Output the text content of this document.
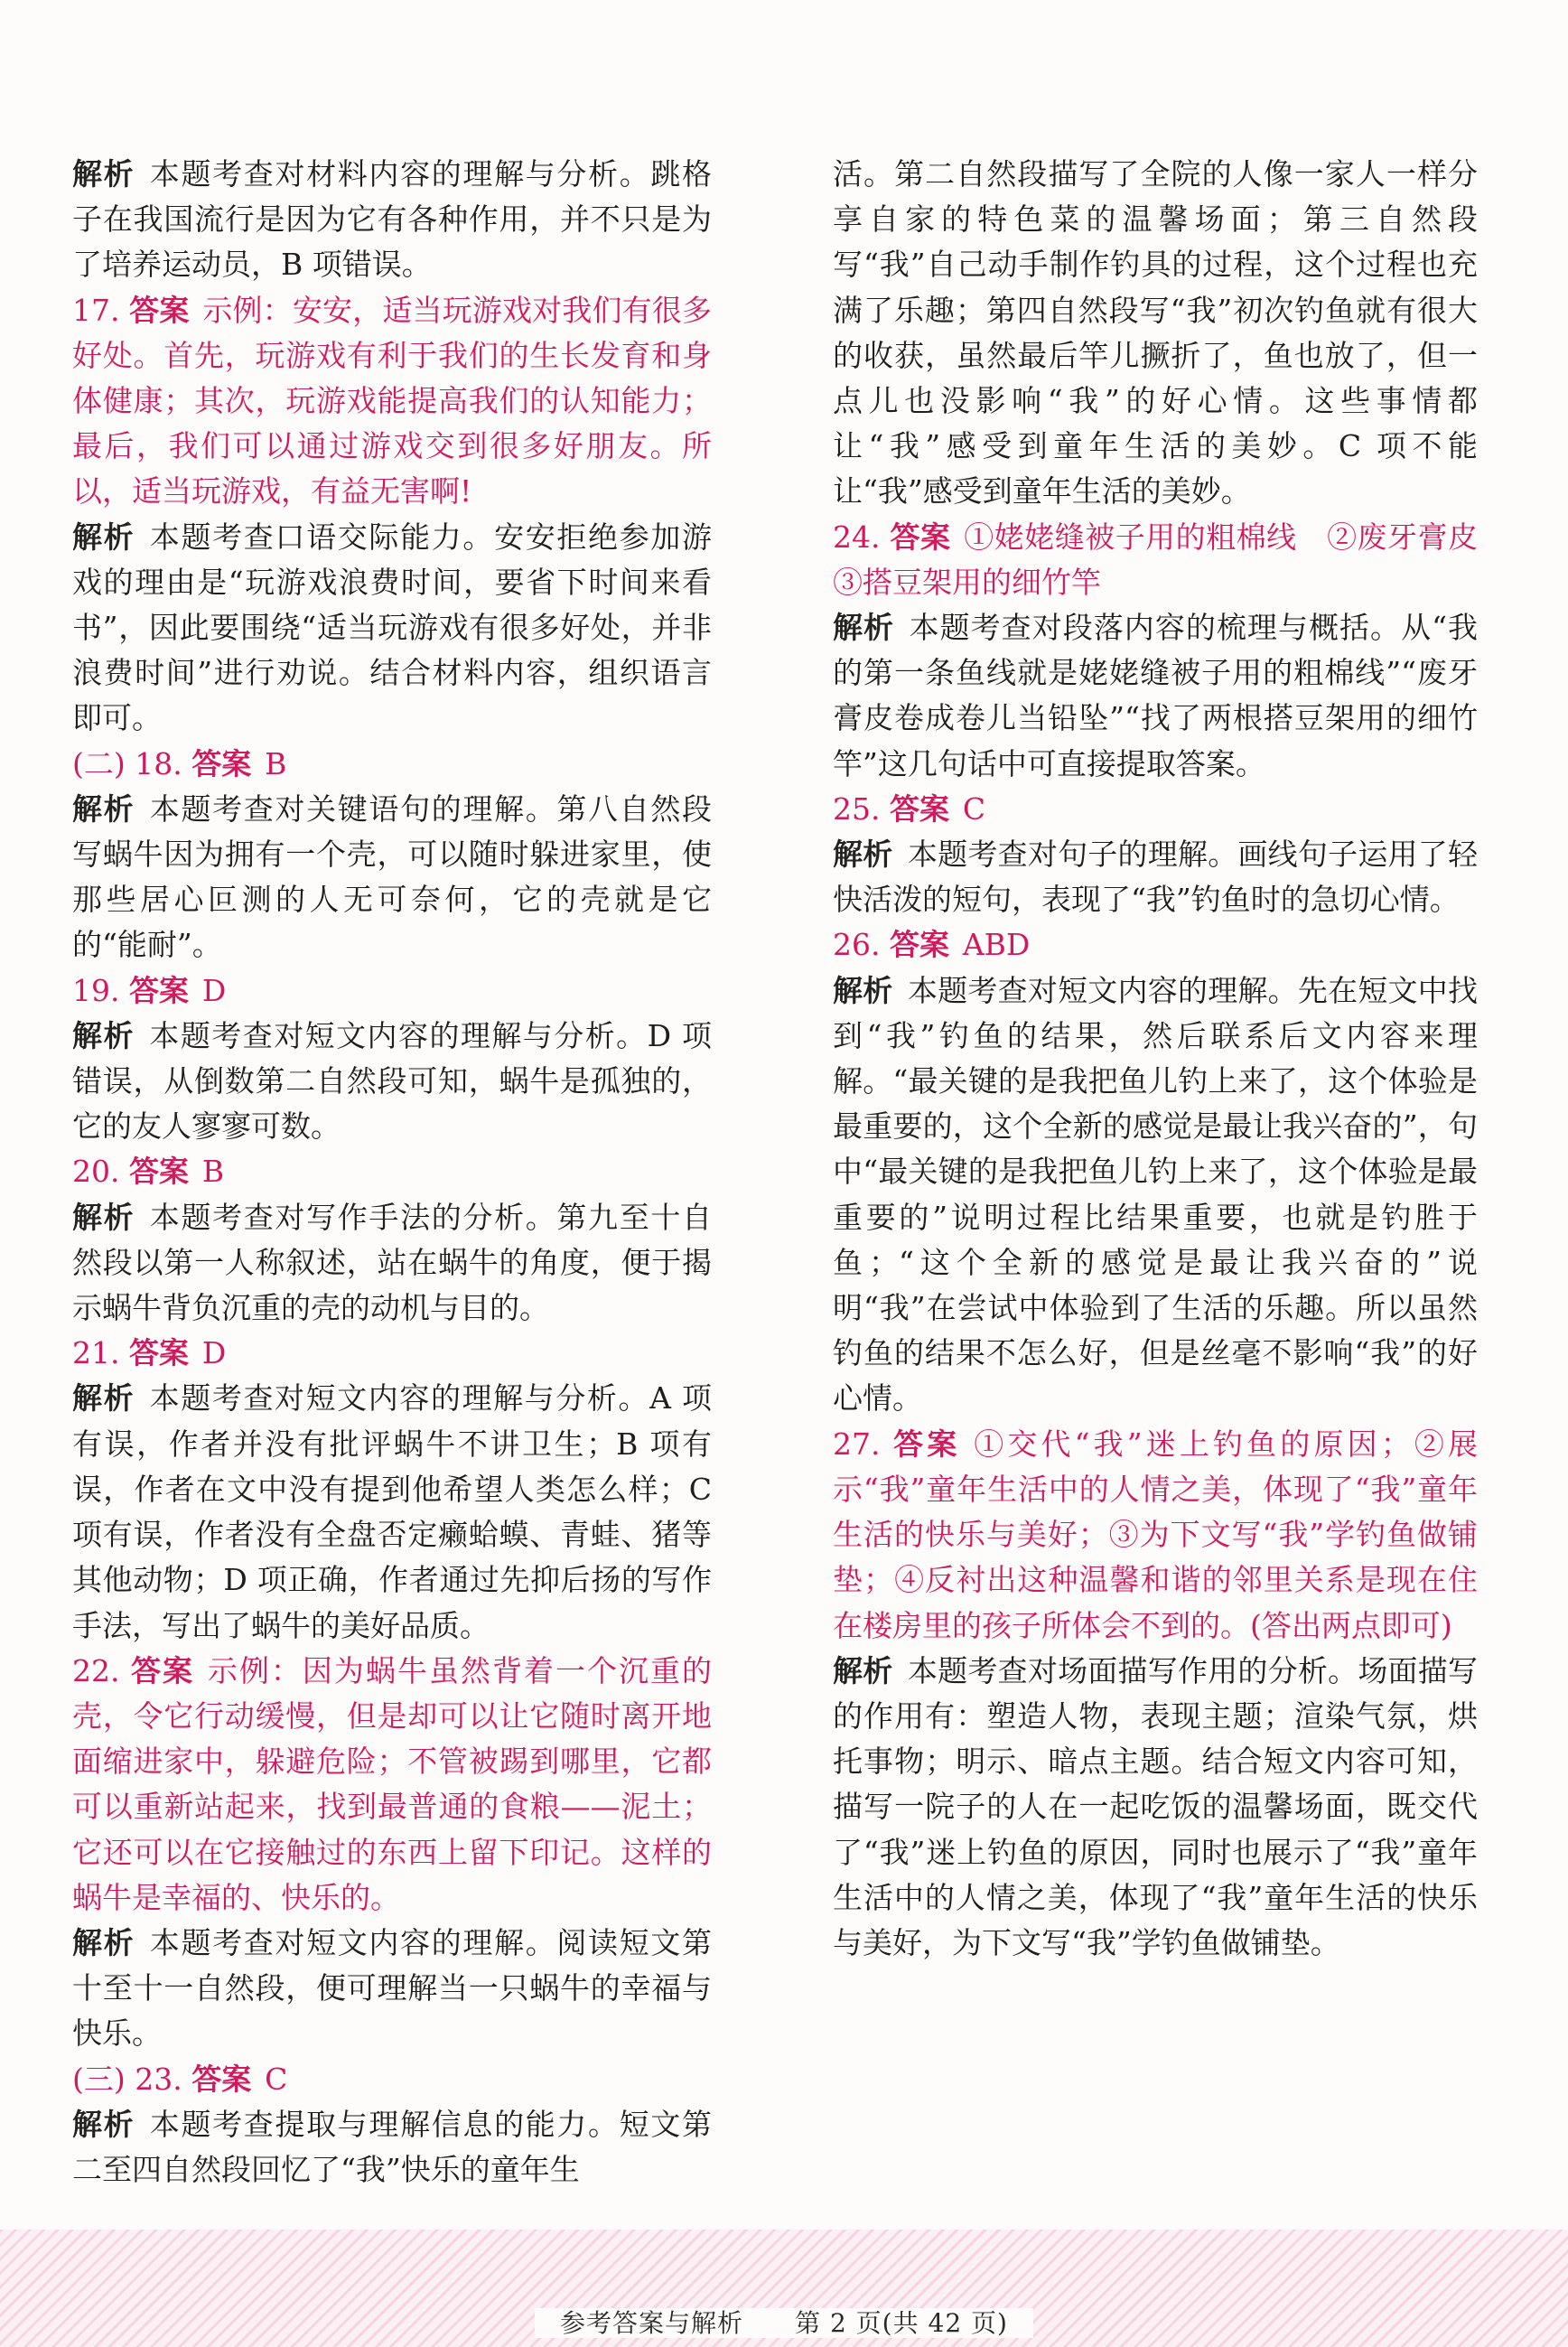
解析 本题考查对材料内容的理解与分析。跳格子在我国流行是因为它有各种作用，并不只是为了培养运动员，B 项错误。

17. 答案 示例：安安，适当玩游戏对我们有很多好处。首先，玩游戏有利于我们的生长发育和身体健康；其次，玩游戏能提高我们的认知能力；最后，我们可以通过游戏交到很多好朋友。所以，适当玩游戏，有益无害啊!

解析 本题考查口语交际能力。安安拒绝参加游戏的理由是“玩游戏浪费时间，要省下时间来看书”，因此要围绕“适当玩游戏有很多好处，并非浪费时间”进行劝说。结合材料内容，组织语言即可。

(二) 18. 答案 B

解析 本题考查对关键语句的理解。第八自然段写蜗牛因为拥有一个壳，可以随时躲进家里，使那些居心叵测的人无可奈何，它的壳就是它的“能耐”。

19. 答案 D

解析 本题考查对短文内容的理解与分析。D 项错误，从倒数第二自然段可知，蜗牛是孤独的，它的友人寥寥可数。

20. 答案 B

解析 本题考查对写作手法的分析。第九至十自然段以第一人称叙述，站在蜗牛的角度，便于揭示蜗牛背负沉重的壳的动机与目的。

21. 答案 D

解析 本题考查对短文内容的理解与分析。A 项有误，作者并没有批评蜗牛不讲卫生；B 项有误，作者在文中没有提到他希望人类怎么样；C 项有误，作者没有全盘否定癞蛤蟆、青蛙、猪等其他动物；D 项正确，作者通过先抑后扬的写作手法，写出了蜗牛的美好品质。

22. 答案 示例：因为蜗牛虽然背着一个沉重的壳，令它行动缓慢，但是却可以让它随时离开地面缩进家中，躲避危险；不管被踢到哪里，它都可以重新站起来，找到最普通的食粮——泥土；它还可以在它接触过的东西上留下印记。这样的蜗牛是幸福的、快乐的。

解析 本题考查对短文内容的理解。阅读短文第十至十一自然段，便可理解当一只蜗牛的幸福与快乐。

(三) 23. 答案 C

解析 本题考查提取与理解信息的能力。短文第二至四自然段回忆了“我”快乐的童年生

活。第二自然段描写了全院的人像一家人一样分享自家的特色菜的温馨场面；第三自然段写“我”自己动手制作钓具的过程，这个过程也充满了乐趣；第四自然段写“我”初次钓鱼就有很大的收获，虽然最后竿儿撅折了，鱼也放了，但一点儿也没影响“我”的好心情。这些事情都让“我”感受到童年生活的美妙。C 项不能让“我”感受到童年生活的美妙。

24. 答案 ①姥姥缝被子用的粗棉线　②废牙膏皮　③搭豆架用的细竹竿

解析 本题考查对段落内容的梳理与概括。从“我的第一条鱼线就是姥姥缝被子用的粗棉线”“废牙膏皮卷成卷儿当铅坠”“找了两根搭豆架用的细竹竿”这几句话中可直接提取答案。

25. 答案 C

解析 本题考查对句子的理解。画线句子运用了轻快活泼的短句，表现了“我”钓鱼时的急切心情。

26. 答案 ABD

解析 本题考查对短文内容的理解。先在短文中找到“我”钓鱼的结果，然后联系后文内容来理解。“最关键的是我把鱼儿钓上来了，这个体验是最重要的，这个全新的感觉是最让我兴奋的”，句中“最关键的是我把鱼儿钓上来了，这个体验是最重要的”说明过程比结果重要，也就是钓胜于鱼；“这个全新的感觉是最让我兴奋的”说明“我”在尝试中体验到了生活的乐趣。所以虽然钓鱼的结果不怎么好，但是丝毫不影响“我”的好心情。

27. 答案 ①交代“我”迷上钓鱼的原因；②展示“我”童年生活中的人情之美，体现了“我”童年生活的快乐与美好；③为下文写“我”学钓鱼做铺垫；④反衬出这种温馨和谐的邻里关系是现在住在楼房里的孩子所体会不到的。(答出两点即可)

解析 本题考查对场面描写作用的分析。场面描写的作用有：塑造人物，表现主题；渲染气氛，烘托事物；明示、暗点主题。结合短文内容可知，描写一院子的人在一起吃饭的温馨场面，既交代了“我”迷上钓鱼的原因，同时也展示了“我”童年生活中的人情之美，体现了“我”童年生活的快乐与美好，为下文写“我”学钓鱼做铺垫。

参考答案与解析　 第 2 页(共 42 页)
